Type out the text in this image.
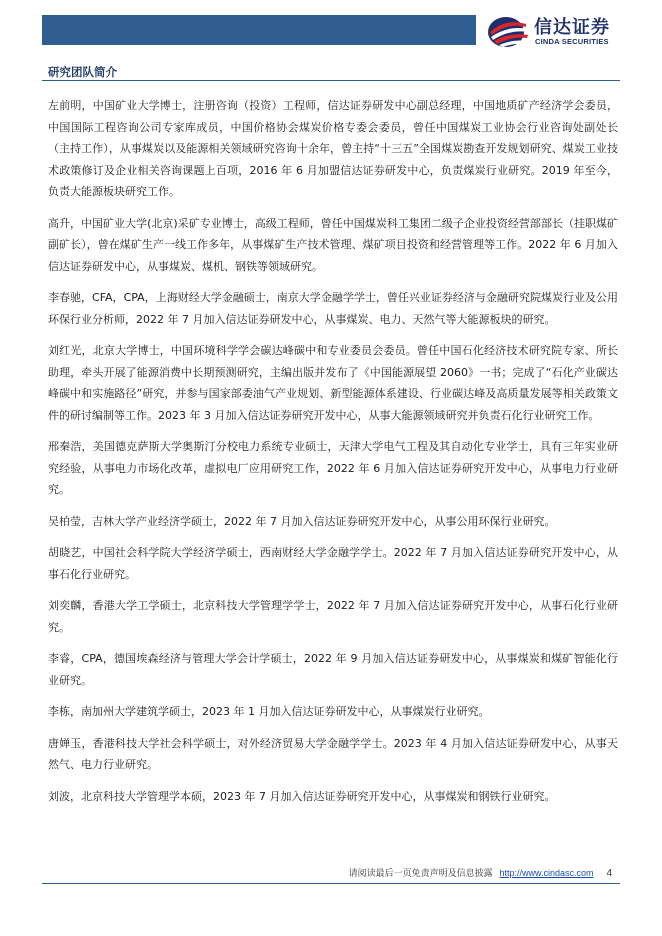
信达证券
CINDA SECURITIES
研究团队简介

左前明，中国矿业大学博士，注册咨询（投资）工程师，信达证券研发中心副总经理，中国地质矿产经济学会委员，中国国际工程咨询公司专家库成员，中国价格协会煤炭价格专委会委员，曾任中国煤炭工业协会行业咨询处副处长（主持工作），从事煤炭以及能源相关领域研究咨询十余年，曾主持“十三五”全国煤炭勘查开发规划研究、煤炭工业技术政策修订及企业相关咨询课题上百项，2016 年 6 月加盟信达证券研发中心，负责煤炭行业研究。2019 年至今，负责大能源板块研究工作。

高升，中国矿业大学(北京)采矿专业博士，高级工程师，曾任中国煤炭科工集团二级子企业投资经营部部长（挂职煤矿副矿长），曾在煤矿生产一线工作多年，从事煤矿生产技术管理、煤矿项目投资和经营管理等工作。2022 年 6 月加入信达证券研发中心，从事煤炭、煤机、钢铁等领域研究。

李春驰，CFA，CPA，上海财经大学金融硕士，南京大学金融学学士，曾任兴业证券经济与金融研究院煤炭行业及公用环保行业分析师，2022 年 7 月加入信达证券研发中心，从事煤炭、电力、天然气等大能源板块的研究。

刘红光，北京大学博士，中国环境科学学会碳达峰碳中和专业委员会委员。曾任中国石化经济技术研究院专家、所长助理，牵头开展了能源消费中长期预测研究，主编出版并发布了《中国能源展望 2060》一书；完成了“石化产业碳达峰碳中和实施路径”研究，并参与国家部委油气产业规划、新型能源体系建设、行业碳达峰及高质量发展等相关政策文件的研讨编制等工作。2023 年 3 月加入信达证券研究开发中心，从事大能源领域研究并负责石化行业研究工作。

邢秦浩，美国德克萨斯大学奥斯汀分校电力系统专业硕士，天津大学电气工程及其自动化专业学士，具有三年实业研究经验，从事电力市场化改革，虚拟电厂应用研究工作，2022 年 6 月加入信达证券研究开发中心，从事电力行业研究。

吴柏莹，吉林大学产业经济学硕士，2022 年 7 月加入信达证券研究开发中心，从事公用环保行业研究。

胡晓艺，中国社会科学院大学经济学硕士，西南财经大学金融学学士。2022 年 7 月加入信达证券研究开发中心，从事石化行业研究。

刘奕麟，香港大学工学硕士，北京科技大学管理学学士，2022 年 7 月加入信达证券研究开发中心，从事石化行业研究。

李睿，CPA，德国埃森经济与管理大学会计学硕士，2022 年 9 月加入信达证券研发中心，从事煤炭和煤矿智能化行业研究。

李栋，南加州大学建筑学硕士，2023 年 1 月加入信达证券研发中心，从事煤炭行业研究。

唐婵玉，香港科技大学社会科学硕士，对外经济贸易大学金融学学士。2023 年 4 月加入信达证券研发中心，从事天然气、电力行业研究。

刘波，北京科技大学管理学本硕，2023 年 7 月加入信达证券研究开发中心，从事煤炭和钢铁行业研究。

请阅读最后一页免责声明及信息披露 http://www.cindasc.com 4
